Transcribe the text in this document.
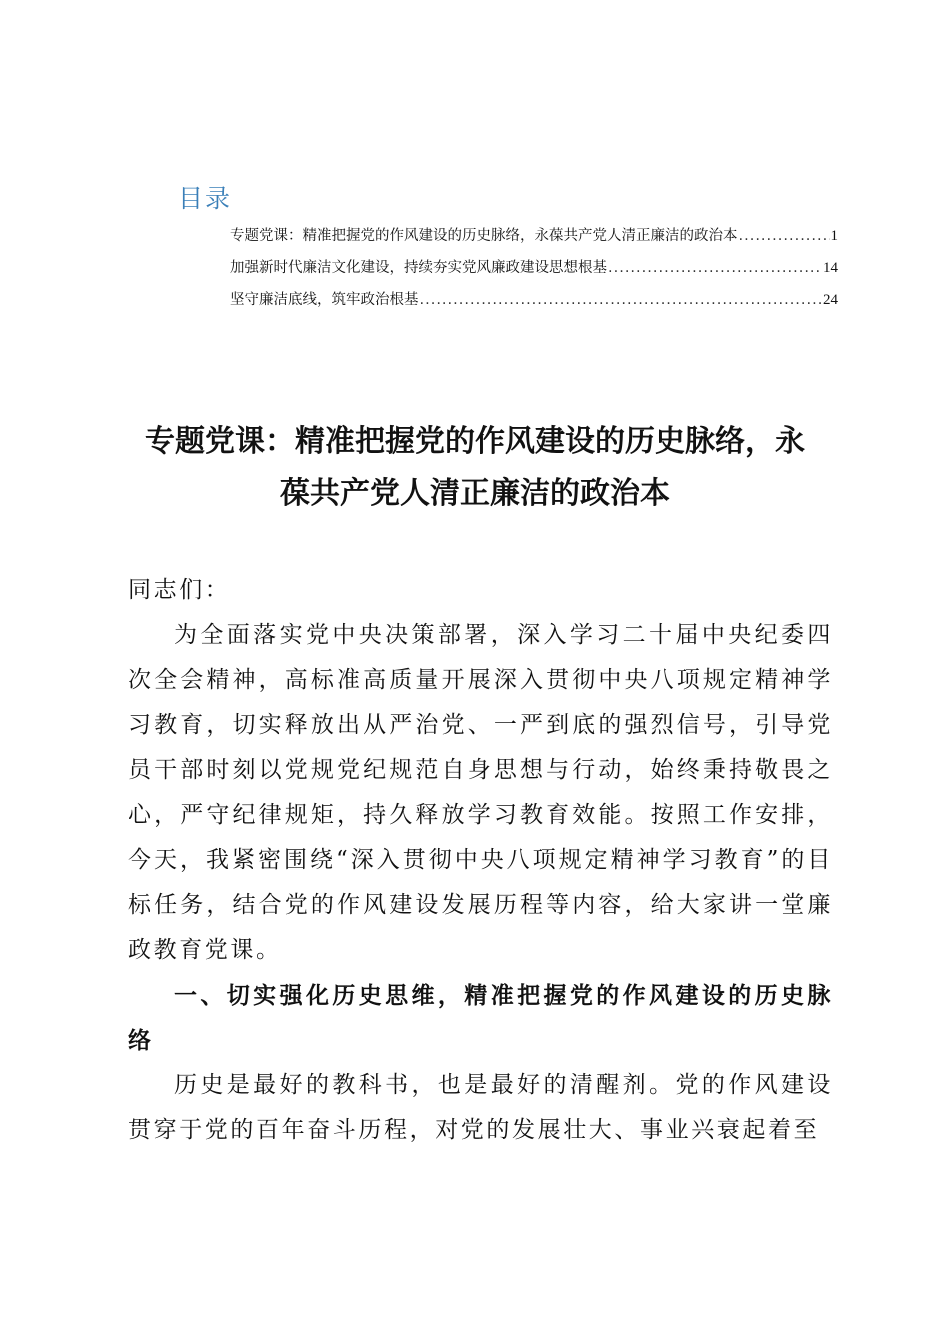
目录
专题党课：精准把握党的作风建设的历史脉络，永葆共产党人清正廉洁的政治本 .....	1
加强新时代廉洁文化建设，持续夯实党风廉政建设思想根基 .....	14
坚守廉洁底线，筑牢政治根基 .....	24
专题党课：精准把握党的作风建设的历史脉络，永
葆共产党人清正廉洁的政治本

同志们：

为全面落实党中央决策部署，深入学习二十届中央纪委四次全会精神，高标准高质量开展深入贯彻中央八项规定精神学习教育，切实释放出从严治党、一严到底的强烈信号，引导党员干部时刻以党规党纪规范自身思想与行动，始终秉持敬畏之心，严守纪律规矩，持久释放学习教育效能。按照工作安排，今天，我紧密围绕“深入贯彻中央八项规定精神学习教育”的目标任务，结合党的作风建设发展历程等内容，给大家讲一堂廉政教育党课。

一、切实强化历史思维，精准把握党的作风建设的历史脉络

历史是最好的教科书，也是最好的清醒剂。党的作风建设贯穿于党的百年奋斗历程，对党的发展壮大、事业兴衰起着至
